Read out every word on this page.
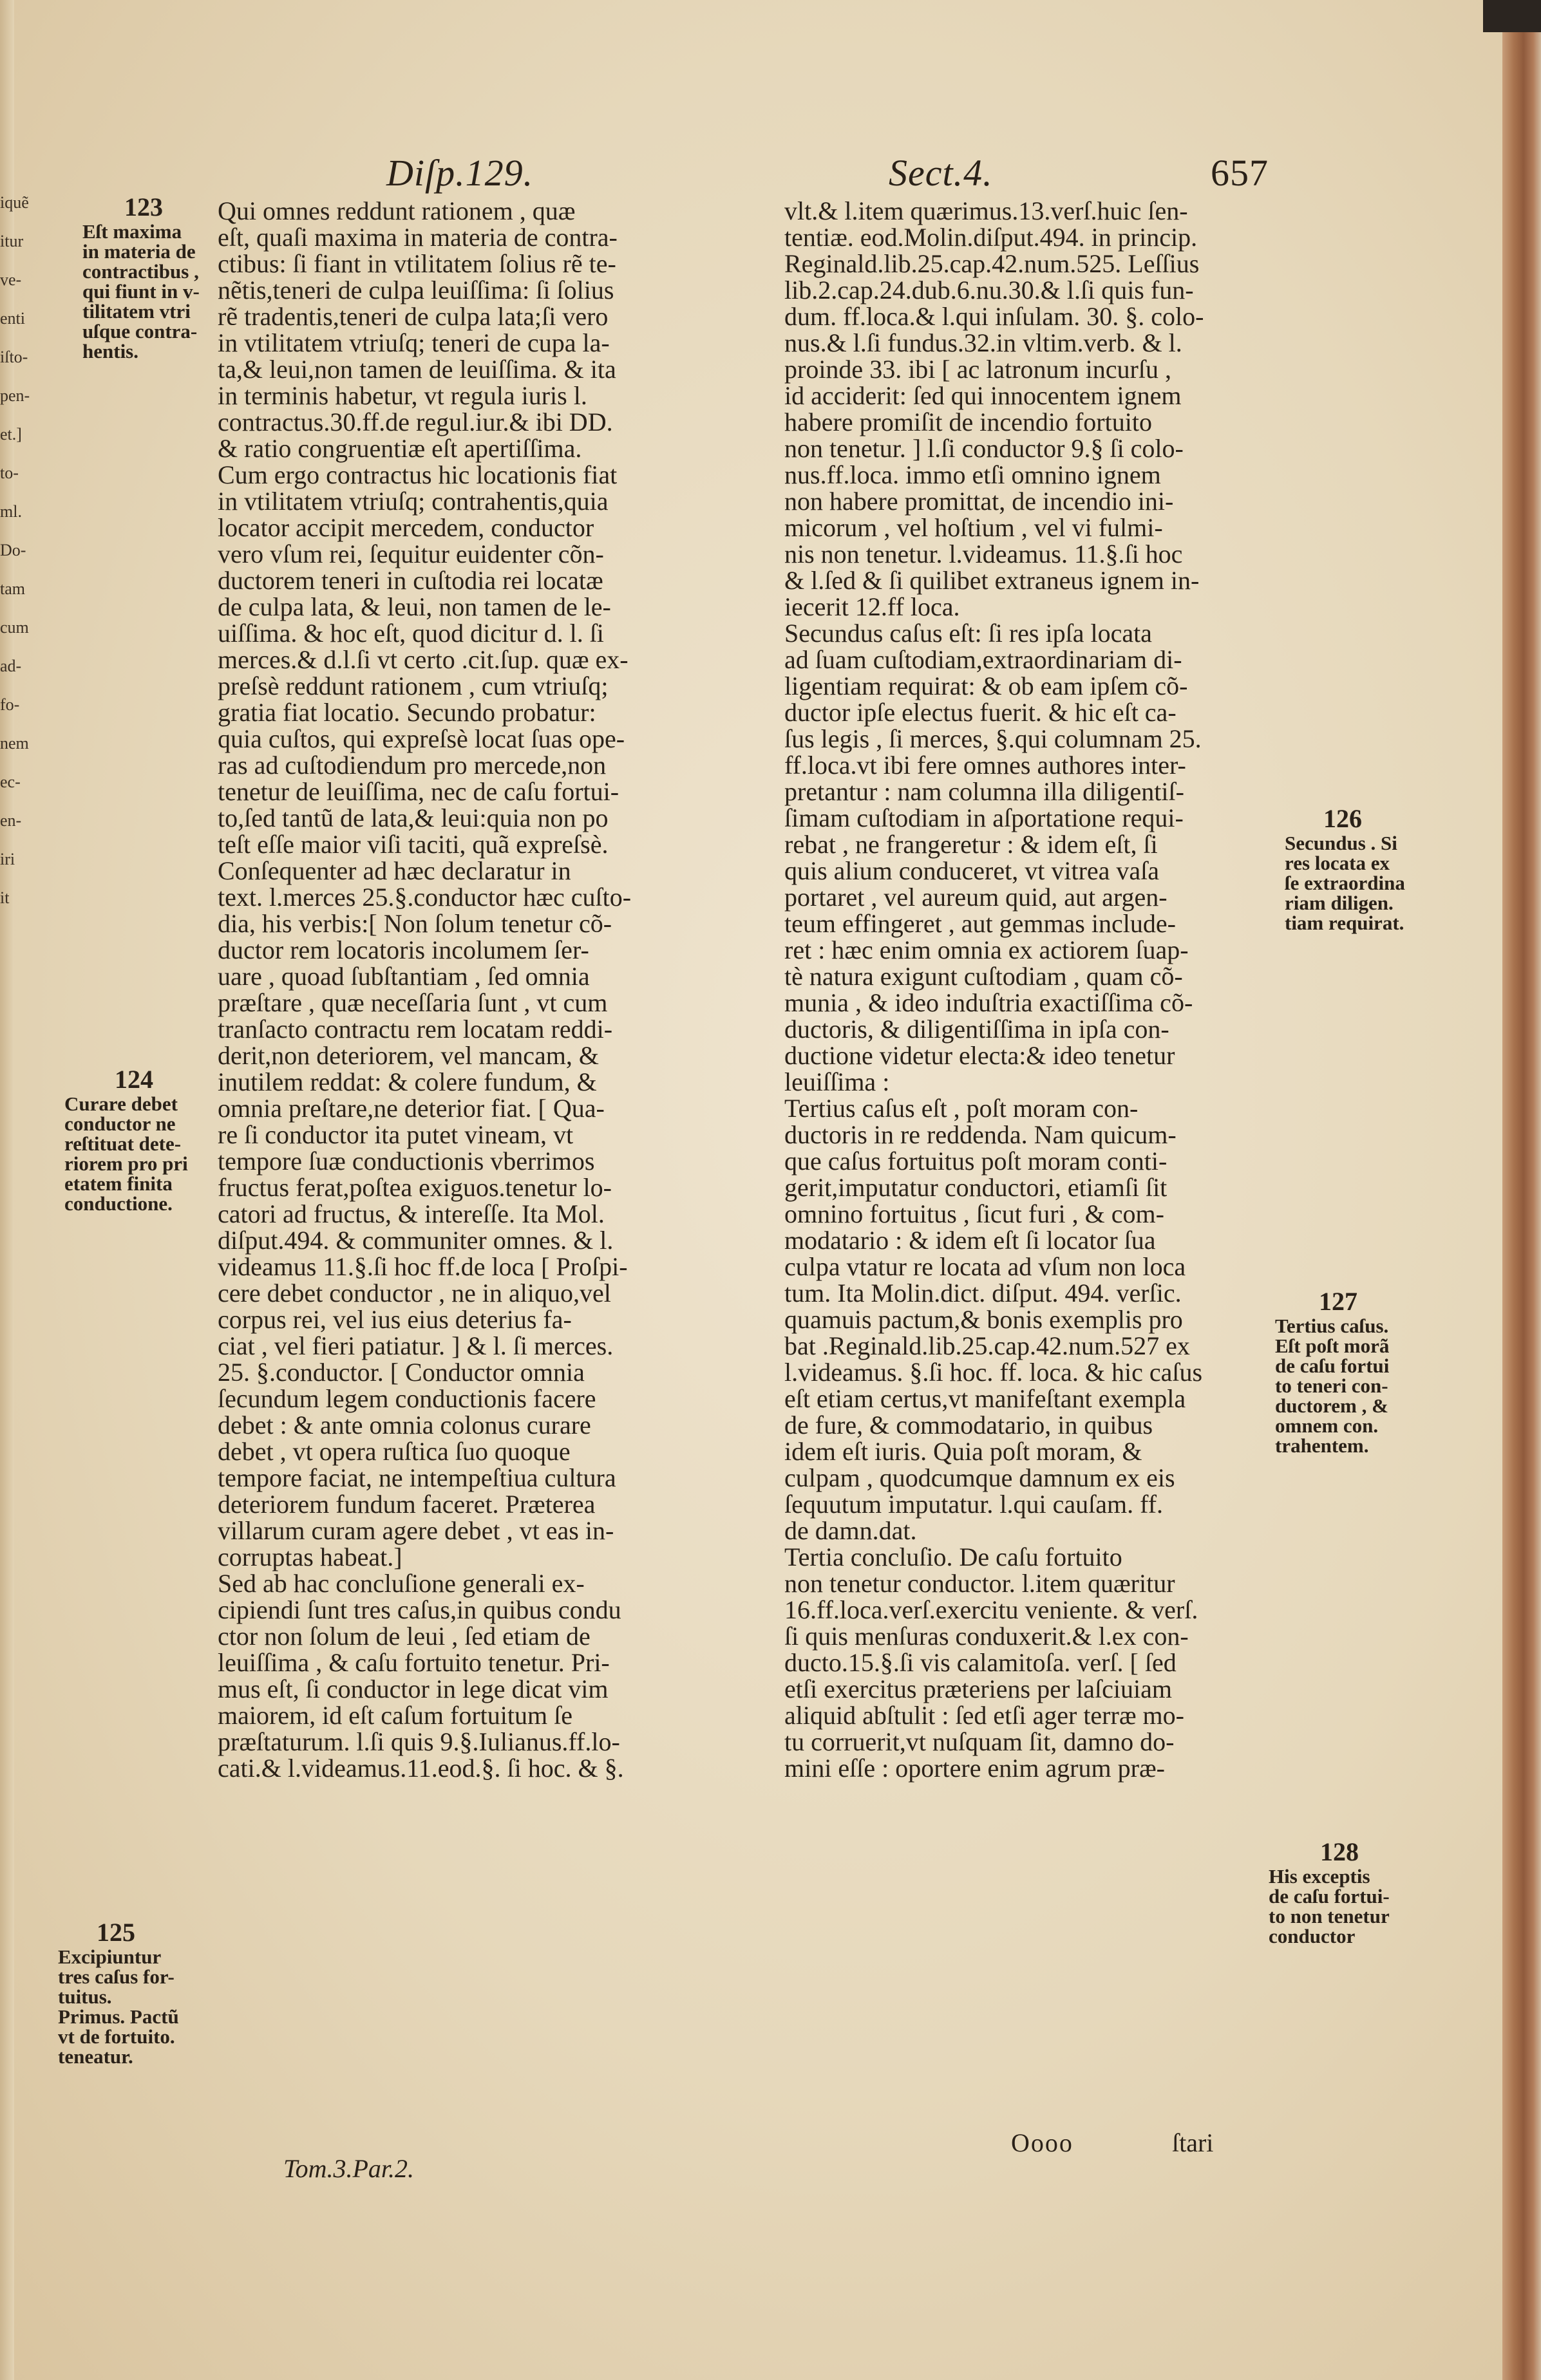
iquẽ
itur
ve-
enti
iſto-
pen-
et.]
to-
ml.
Do-
tam
cum
ad-
fo-
nem
ec-
en-
iri
it
Diſp.129.	Sect.4.	657
Qui omnes reddunt rationem , quæ
eſt, quaſi maxima in materia de contra-
ctibus: ſi fiant in vtilitatem ſolius rẽ te-
nẽtis,teneri de culpa leuiſſima: ſi ſolius
rẽ tradentis,teneri de culpa lata;ſi vero
in vtilitatem vtriuſq; teneri de cupa la-
ta,& leui,non tamen de leuiſſima. & ita
in terminis habetur, vt regula iuris l.
contractus.30.ff.de regul.iur.& ibi DD.
& ratio congruentiæ eſt apertiſſima.
Cum ergo contractus hic locationis fiat
in vtilitatem vtriuſq; contrahentis,quia
locator accipit mercedem, conductor
vero vſum rei, ſequitur euidenter cõn-
ductorem teneri in cuſtodia rei locatæ
de culpa lata, & leui, non tamen de le-
uiſſima. & hoc eſt, quod dicitur d. l. ſi
merces.& d.l.ſi vt certo .cit.ſup. quæ ex-
preſsè reddunt rationem , cum vtriuſq;
gratia fiat locatio. Secundo probatur:
quia cuſtos, qui expreſsè locat ſuas ope-
ras ad cuſtodiendum pro mercede,non
tenetur de leuiſſima, nec de caſu fortui-
to,ſed tantũ de lata,& leui:quia non po
teſt eſſe maior viſi taciti, quã expreſsè.
Conſequenter ad hæc declaratur in
text. l.merces 25.§.conductor hæc cuſto-
dia, his verbis:[ Non ſolum tenetur cõ-
ductor rem locatoris incolumem ſer-
uare , quoad ſubſtantiam , ſed omnia
præſtare , quæ neceſſaria ſunt , vt cum
tranſacto contractu rem locatam reddi-
derit,non deteriorem, vel mancam, &
inutilem reddat: & colere fundum, &
omnia preſtare,ne deterior fiat. [ Qua-
re ſi conductor ita putet vineam, vt
tempore ſuæ conductionis vberrimos
fructus ferat,poſtea exiguos.tenetur lo-
catori ad fructus, & intereſſe. Ita Mol.
diſput.494. & communiter omnes. & l.
videamus 11.§.ſi hoc ff.de loca [ Proſpi-
cere debet conductor , ne in aliquo,vel
corpus rei, vel ius eius deterius fa-
ciat , vel fieri patiatur. ] & l. ſi merces.
25. §.conductor. [ Conductor omnia
ſecundum legem conductionis facere
debet : & ante omnia colonus curare
debet , vt opera ruſtica ſuo quoque
tempore faciat, ne intempeſtiua cultura
deteriorem fundum faceret. Præterea
villarum curam agere debet , vt eas in-
corruptas habeat.]
Sed ab hac concluſione generali ex-
cipiendi ſunt tres caſus,in quibus condu
ctor non ſolum de leui , ſed etiam de
leuiſſima , & caſu fortuito tenetur. Pri-
mus eſt, ſi conductor in lege dicat vim
maiorem, id eſt caſum fortuitum ſe
præſtaturum. l.ſi quis 9.§.Iulianus.ff.lo-
cati.& l.videamus.11.eod.§. ſi hoc. & §.
vlt.& l.item quærimus.13.verſ.huic ſen-
tentiæ. eod.Molin.diſput.494. in princip.
Reginald.lib.25.cap.42.num.525. Leſſius
lib.2.cap.24.dub.6.nu.30.& l.ſi quis fun-
dum. ff.loca.& l.qui inſulam. 30. §. colo-
nus.& l.ſi fundus.32.in vltim.verb. & l.
proinde 33. ibi [ ac latronum incurſu ,
id acciderit: ſed qui innocentem ignem
habere promiſit de incendio fortuito
non tenetur. ] l.ſi conductor 9.§ ſi colo-
nus.ff.loca. immo etſi omnino ignem
non habere promittat, de incendio ini-
micorum , vel hoſtium , vel vi fulmi-
nis non tenetur. l.videamus. 11.§.ſi hoc
& l.ſed & ſi quilibet extraneus ignem in-
iecerit 12.ff loca.
Secundus caſus eſt: ſi res ipſa locata
ad ſuam cuſtodiam,extraordinariam di-
ligentiam requirat: & ob eam ipſem cõ-
ductor ipſe electus fuerit. & hic eſt ca-
ſus legis , ſi merces, §.qui columnam 25.
ff.loca.vt ibi fere omnes authores inter-
pretantur : nam columna illa diligentiſ-
ſimam cuſtodiam in aſportatione requi-
rebat , ne frangeretur : & idem eſt, ſi
quis alium conduceret, vt vitrea vaſa
portaret , vel aureum quid, aut argen-
teum effingeret , aut gemmas include-
ret : hæc enim omnia ex actiorem ſuap-
tè natura exigunt cuſtodiam , quam cõ-
munia , & ideo induſtria exactiſſima cõ-
ductoris, & diligentiſſima in ipſa con-
ductione videtur electa:& ideo tenetur
leuiſſima :
Tertius caſus eſt , poſt moram con-
ductoris in re reddenda. Nam quicum-
que caſus fortuitus poſt moram conti-
gerit,imputatur conductori, etiamſi ſit
omnino fortuitus , ſicut furi , & com-
modatario : & idem eſt ſi locator ſua
culpa vtatur re locata ad vſum non loca
tum. Ita Molin.dict. diſput. 494. verſic.
quamuis pactum,& bonis exemplis pro
bat .Reginald.lib.25.cap.42.num.527 ex
l.videamus. §.ſi hoc. ff. loca. & hic caſus
eſt etiam certus,vt manifeſtant exempla
de fure, & commodatario, in quibus
idem eſt iuris. Quia poſt moram, &
culpam , quodcumque damnum ex eis
ſequutum imputatur. l.qui cauſam. ff.
de damn.dat.
Tertia concluſio. De caſu fortuito
non tenetur conductor. l.item quæritur
16.ff.loca.verſ.exercitu veniente. & verſ.
ſi quis menſuras conduxerit.& l.ex con-
ducto.15.§.ſi vis calamitoſa. verſ. [ ſed
etſi exercitus præteriens per laſciuiam
aliquid abſtulit : ſed etſi ager terræ mo-
tu corruerit,vt nuſquam ſit, damno do-
mini eſſe : oportere enim agrum præ-
123
Eſt maxima
in materia de
contractibus ,
qui fiunt in v-
tilitatem vtri
uſque contra-
hentis.
124
Curare debet
conductor ne
reſtituat dete-
riorem pro pri
etatem finita
conductione.
125
Excipiuntur
tres caſus for-
tuitus.
Primus. Pactũ
vt de fortuito.
teneatur.
126
Secundus . Si
res locata ex
ſe extraordina
riam diligen.
tiam requirat.
127
Tertius caſus.
Eſt poſt morã
de caſu fortui
to teneri con-
ductorem , &
omnem con.
trahentem.
128
His exceptis
de caſu fortui-
to non tenetur
conductor
Tom.3.Par.2.
Oooo	ſtari
